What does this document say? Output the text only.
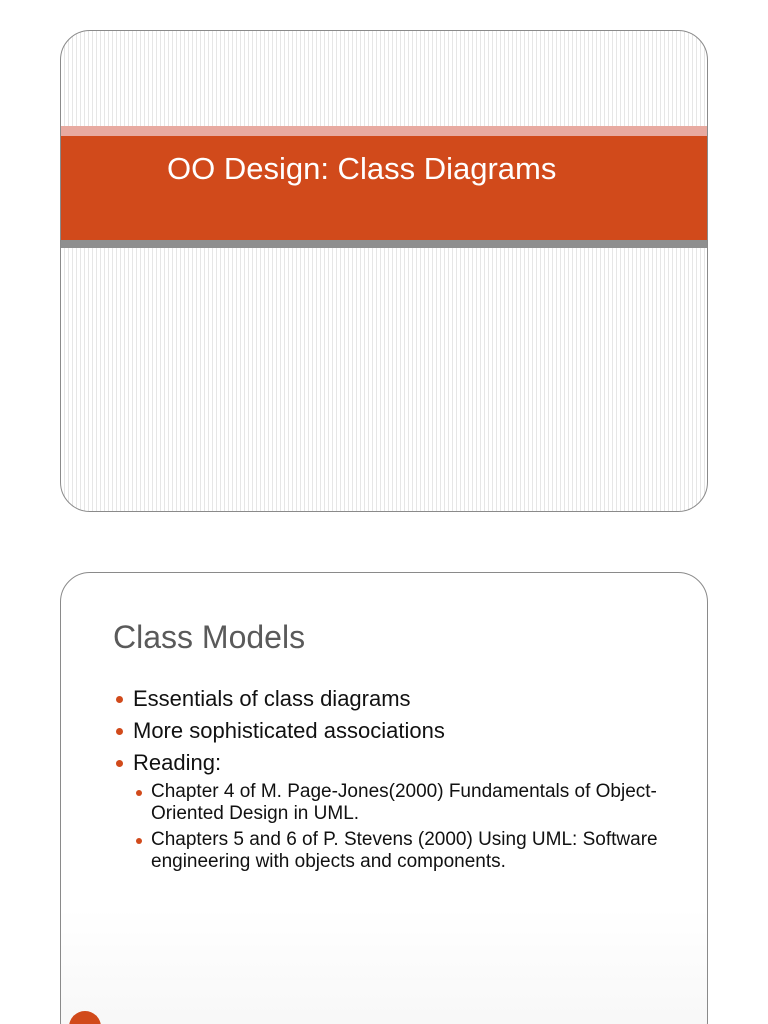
OO Design: Class Diagrams
Class Models
Essentials of class diagrams
More sophisticated associations
Reading:
Chapter 4 of M. Page-Jones(2000) Fundamentals of Object-Oriented Design in UML.
Chapters 5 and 6 of P. Stevens (2000) Using UML: Software engineering with objects and components.
